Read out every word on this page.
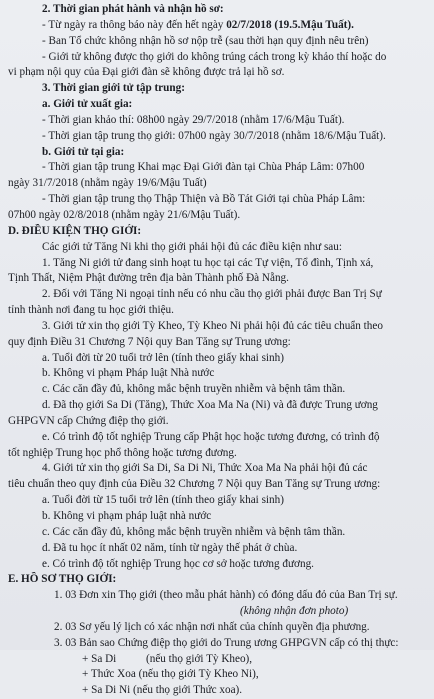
2. Thời gian phát hành và nhận hồ sơ:
- Từ ngày ra thông báo này đến hết ngày 02/7/2018 (19.5.Mậu Tuất).
- Ban Tổ chức không nhận hồ sơ nộp trễ (sau thời hạn quy định nêu trên)
- Giới tử không được thọ giới do không trúng cách trong kỳ khảo thí hoặc do
vi phạm nội quy của Đại giới đàn sẽ không được trả lại hồ sơ.
3. Thời gian giới tử tập trung:
a. Giới tử xuất gia:
- Thời gian khảo thí: 08h00 ngày 29/7/2018 (nhằm 17/6/Mậu Tuất).
- Thời gian tập trung thọ giới: 07h00 ngày 30/7/2018 (nhằm 18/6/Mậu Tuất).
b. Giới tử tại gia:
- Thời gian tập trung Khai mạc Đại Giới đàn tại Chùa Pháp Lâm: 07h00
ngày 31/7/2018 (nhằm ngày 19/6/Mậu Tuất)
- Thời gian tập trung thọ Thập Thiện và Bồ Tát Giới tại chùa Pháp Lâm:
07h00 ngày 02/8/2018 (nhằm ngày 21/6/Mậu Tuất).
D. ĐIỀU KIỆN THỌ GIỚI:
Các giới tử Tăng Ni khi thọ giới phải hội đủ các điều kiện như sau:
1. Tăng Ni giới tử đang sinh hoạt tu học tại các Tự viện, Tổ đình, Tịnh xá,
Tịnh Thất, Niệm Phật đường trên địa bàn Thành phố Đà Nẵng.
2. Đối với Tăng Ni ngoại tỉnh nếu có nhu cầu thọ giới phải được Ban Trị Sự
tỉnh thành nơi đang tu học giới thiệu.
3. Giới tử xin thọ giới Tỳ Kheo, Tỳ Kheo Ni phải hội đủ các tiêu chuẩn theo
quy định Điều 31 Chương 7 Nội quy Ban Tăng sự Trung ương:
a. Tuổi đời từ 20 tuổi trở lên (tính theo giấy khai sinh)
b. Không vi phạm Pháp luật Nhà nước
c. Các căn đầy đủ, không mắc bệnh truyền nhiễm và bệnh tâm thần.
d. Đã thọ giới Sa Di (Tăng), Thức Xoa Ma Na (Ni) và đã được Trung ương
GHPGVN cấp Chứng điệp thọ giới.
e. Có trình độ tốt nghiệp Trung cấp Phật học hoặc tương đương, có trình độ
tốt nghiệp Trung học phổ thông hoặc tương đương.
4. Giới tử xin thọ giới Sa Di, Sa Di Ni, Thức Xoa Ma Na phải hội đủ các
tiêu chuẩn theo quy định của Điều 32 Chương 7 Nội quy Ban Tăng sự Trung ương:
a. Tuổi đời từ 15 tuổi trở lên (tính theo giấy khai sinh)
b. Không vi phạm pháp luật nhà nước
c. Các căn đầy đủ, không mắc bệnh truyền nhiễm và bệnh tâm thần.
d. Đã tu học ít nhất 02 năm, tính từ ngày thế phát ở chùa.
e. Có trình độ tốt nghiệp Trung học cơ sở hoặc tương đương.
E. HỒ SƠ THỌ GIỚI:
1. 03 Đơn xin Thọ giới (theo mẫu phát hành) có đóng dấu đỏ của Ban Trị sự.
(không nhận đơn photo)
2. 03 Sơ yếu lý lịch có xác nhận nơi nhất của chính quyền địa phương.
3. 03 Bản sao Chứng điệp thọ giới do Trung ương GHPGVN cấp có thị thực:
+ Sa Di	(nếu thọ giới Tỳ Kheo),
+ Thức Xoa (nếu thọ giới Tỳ Kheo Ni),
+ Sa Di Ni (nếu thọ giới Thức xoa).
